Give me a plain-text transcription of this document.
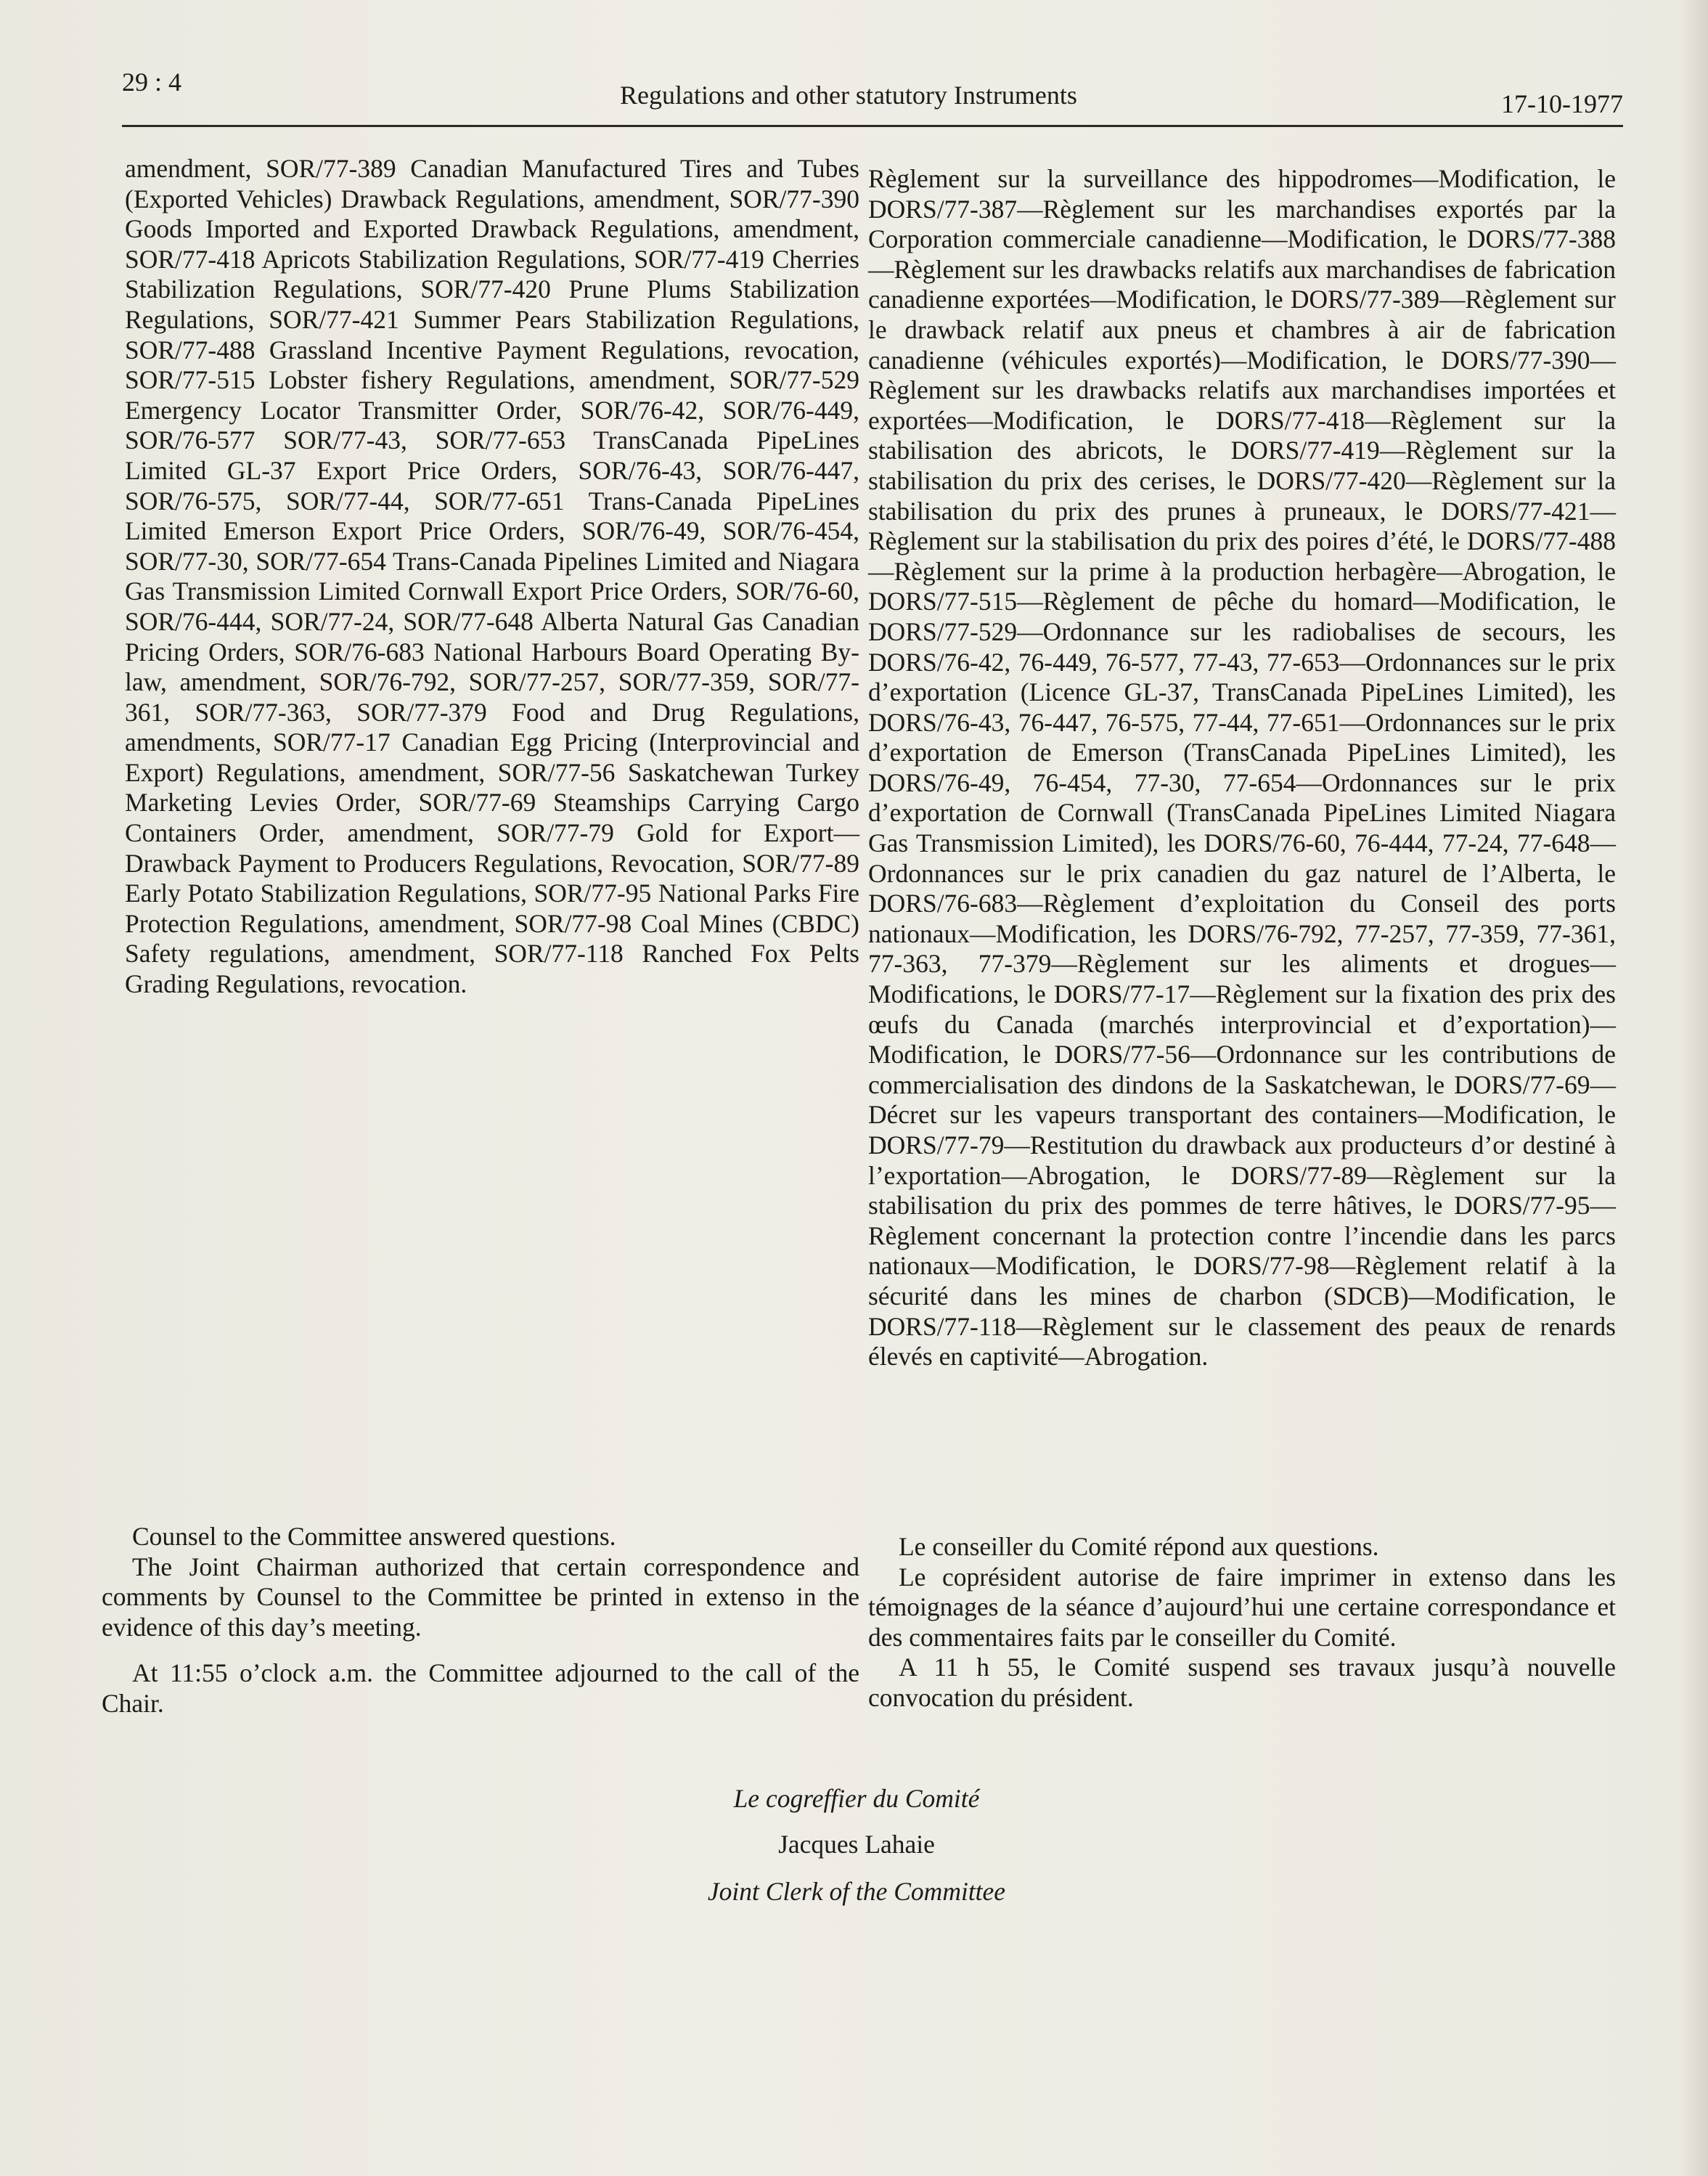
29 : 4	Regulations and other statutory Instruments	17-10-1977

amendment, SOR/77-389 Canadian Manufactured Tires and Tubes (Exported Vehicles) Drawback Regulations, amendment, SOR/77-390 Goods Imported and Exported Drawback Regulations, amendment, SOR/77-418 Apricots Stabilization Regulations, SOR/77-419 Cherries Stabilization Regulations, SOR/77-420 Prune Plums Stabilization Regulations, SOR/77-421 Summer Pears Stabilization Regulations, SOR/77-488 Grassland Incentive Payment Regulations, revocation, SOR/77-515 Lobster fishery Regulations, amendment, SOR/77-529 Emergency Locator Transmitter Order, SOR/76-42, SOR/76-449, SOR/76-577 SOR/77-43, SOR/77-653 TransCanada PipeLines Limited GL-37 Export Price Orders, SOR/76-43, SOR/76-447, SOR/76-575, SOR/77-44, SOR/77-651 Trans-Canada PipeLines Limited Emerson Export Price Orders, SOR/76-49, SOR/76-454, SOR/77-30, SOR/77-654 Trans-Canada Pipelines Limited and Niagara Gas Transmission Limited Cornwall Export Price Orders, SOR/76-60, SOR/76-444, SOR/77-24, SOR/77-648 Alberta Natural Gas Canadian Pricing Orders, SOR/76-683 National Harbours Board Operating By-law, amendment, SOR/76-792, SOR/77-257, SOR/77-359, SOR/77-361, SOR/77-363, SOR/77-379 Food and Drug Regulations, amendments, SOR/77-17 Canadian Egg Pricing (Interprovincial and Export) Regulations, amendment, SOR/77-56 Saskatchewan Turkey Marketing Levies Order, SOR/77-69 Steamships Carrying Cargo Containers Order, amendment, SOR/77-79 Gold for Export—Drawback Payment to Producers Regulations, Revocation, SOR/77-89 Early Potato Stabilization Regulations, SOR/77-95 National Parks Fire Protection Regulations, amendment, SOR/77-98 Coal Mines (CBDC) Safety regulations, amendment, SOR/77-118 Ranched Fox Pelts Grading Regulations, revocation.

Règlement sur la surveillance des hippodromes—Modification, le DORS/77-387—Règlement sur les marchandises exportés par la Corporation commerciale canadienne—Modification, le DORS/77-388—Règlement sur les drawbacks relatifs aux marchandises de fabrication canadienne exportées—Modification, le DORS/77-389—Règlement sur le drawback relatif aux pneus et chambres à air de fabrication canadienne (véhicules exportés)—Modification, le DORS/77-390—Règlement sur les drawbacks relatifs aux marchandises importées et exportées—Modification, le DORS/77-418—Règlement sur la stabilisation des abricots, le DORS/77-419—Règlement sur la stabilisation du prix des cerises, le DORS/77-420—Règlement sur la stabilisation du prix des prunes à pruneaux, le DORS/77-421—Règlement sur la stabilisation du prix des poires d’été, le DORS/77-488—Règlement sur la prime à la production herbagère—Abrogation, le DORS/77-515—Règlement de pêche du homard—Modification, le DORS/77-529—Ordonnance sur les radiobalises de secours, les DORS/76-42, 76-449, 76-577, 77-43, 77-653—Ordonnances sur le prix d’exportation (Licence GL-37, TransCanada PipeLines Limited), les DORS/76-43, 76-447, 76-575, 77-44, 77-651—Ordonnances sur le prix d’exportation de Emerson (TransCanada PipeLines Limited), les DORS/76-49, 76-454, 77-30, 77-654—Ordonnances sur le prix d’exportation de Cornwall (TransCanada PipeLines Limited Niagara Gas Transmission Limited), les DORS/76-60, 76-444, 77-24, 77-648—Ordonnances sur le prix canadien du gaz naturel de l’Alberta, le DORS/76-683—Règlement d’exploitation du Conseil des ports nationaux—Modification, les DORS/76-792, 77-257, 77-359, 77-361, 77-363, 77-379—Règlement sur les aliments et drogues—Modifications, le DORS/77-17—Règlement sur la fixation des prix des œufs du Canada (marchés interprovincial et d’exportation)—Modification, le DORS/77-56—Ordonnance sur les contributions de commercialisation des dindons de la Saskatchewan, le DORS/77-69—Décret sur les vapeurs transportant des containers—Modification, le DORS/77-79—Restitution du drawback aux producteurs d’or destiné à l’exportation—Abrogation, le DORS/77-89—Règlement sur la stabilisation du prix des pommes de terre hâtives, le DORS/77-95—Règlement concernant la protection contre l’incendie dans les parcs nationaux—Modification, le DORS/77-98—Règlement relatif à la sécurité dans les mines de charbon (SDCB)—Modification, le DORS/77-118—Règlement sur le classement des peaux de renards élevés en captivité—Abrogation.

Counsel to the Committee answered questions.

The Joint Chairman authorized that certain correspondence and comments by Counsel to the Committee be printed in extenso in the evidence of this day’s meeting.

At 11:55 o’clock a.m. the Committee adjourned to the call of the Chair.

Le conseiller du Comité répond aux questions.

Le coprésident autorise de faire imprimer in extenso dans les témoignages de la séance d’aujourd’hui une certaine correspondance et des commentaires faits par le conseiller du Comité.

A 11 h 55, le Comité suspend ses travaux jusqu’à nouvelle convocation du président.

Le cogreffier du Comité
Jacques Lahaie
Joint Clerk of the Committee
